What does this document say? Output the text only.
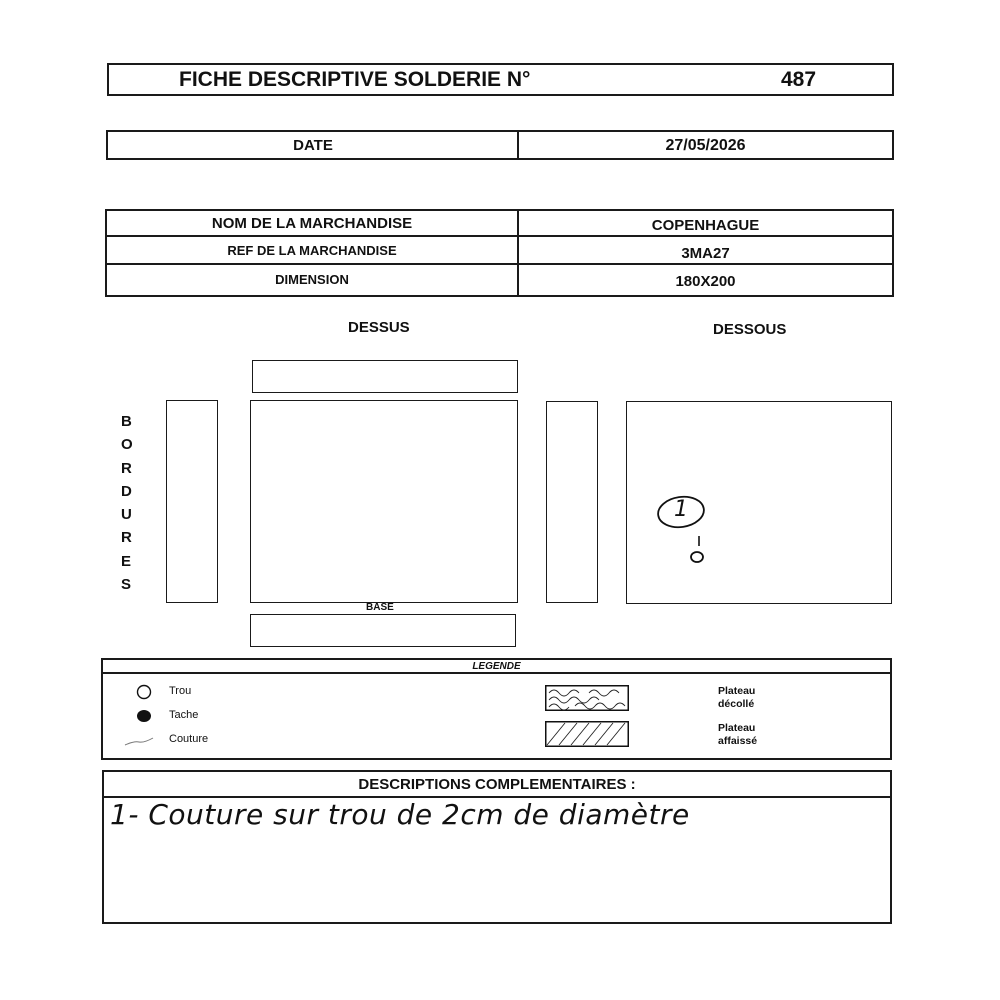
FICHE DESCRIPTIVE SOLDERIE N°	487
DATE	27/05/2026
NOM DE LA MARCHANDISE	COPENHAGUE
REF DE LA MARCHANDISE	3MA27
DIMENSION	180X200
DESSUS	DESSOUS
BORDURES
1
BASE
LEGENDE
Trou
Tache
Couture
Plateau
décollé
Plateau
affaissé
DESCRIPTIONS COMPLEMENTAIRES :
1- Couture sur trou de 2cm de diamètre
